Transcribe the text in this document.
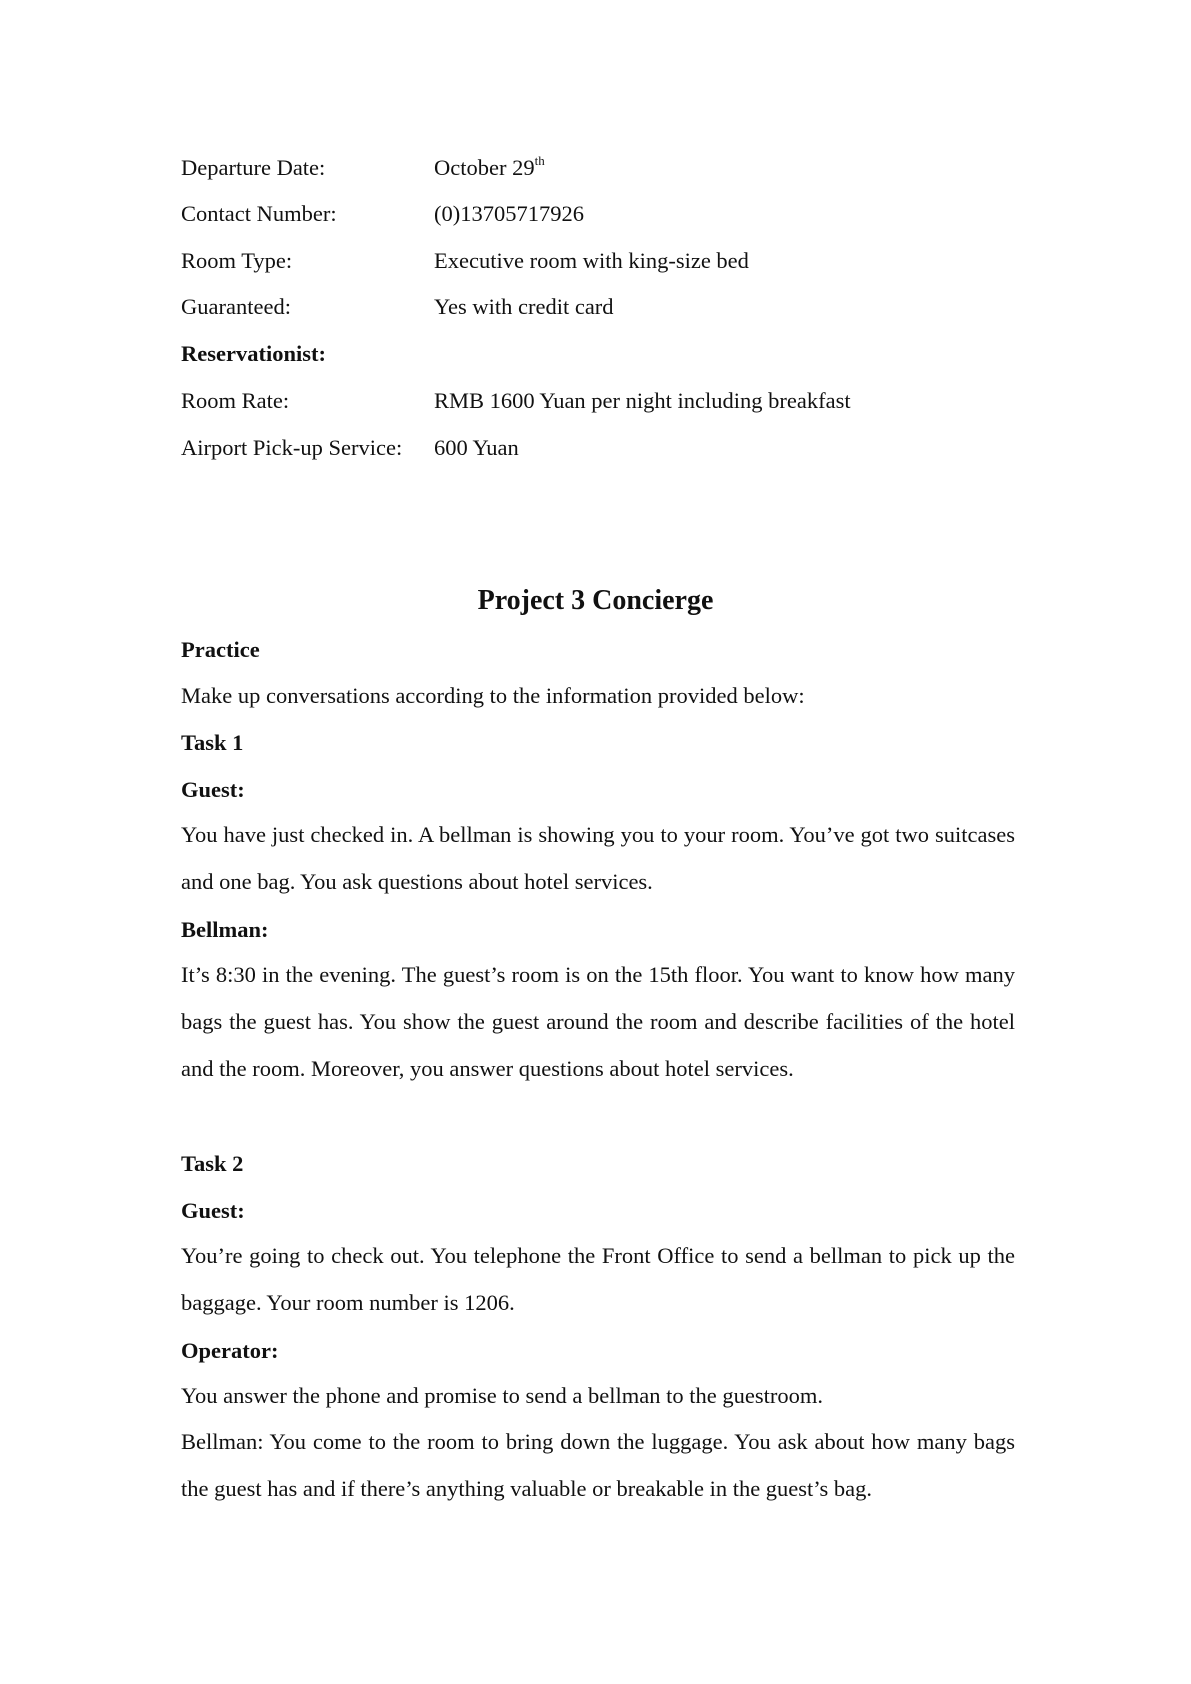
Departure Date:	October 29th
Contact Number:	(0)13705717926
Room Type:	Executive room with king-size bed
Guaranteed:	Yes with credit card
Reservationist:
Room Rate:	RMB 1600 Yuan per night including breakfast
Airport Pick-up Service: 600 Yuan
Project 3 Concierge
Practice
Make up conversations according to the information provided below:
Task 1
Guest:
You have just checked in. A bellman is showing you to your room. You’ve got two suitcases and one bag. You ask questions about hotel services.
Bellman:
It’s 8:30 in the evening. The guest’s room is on the 15th floor. You want to know how many bags the guest has. You show the guest around the room and describe facilities of the hotel and the room. Moreover, you answer questions about hotel services.
Task 2
Guest:
You’re going to check out. You telephone the Front Office to send a bellman to pick up the baggage. Your room number is 1206.
Operator:
You answer the phone and promise to send a bellman to the guestroom.
Bellman: You come to the room to bring down the luggage. You ask about how many bags the guest has and if there’s anything valuable or breakable in the guest’s bag.
